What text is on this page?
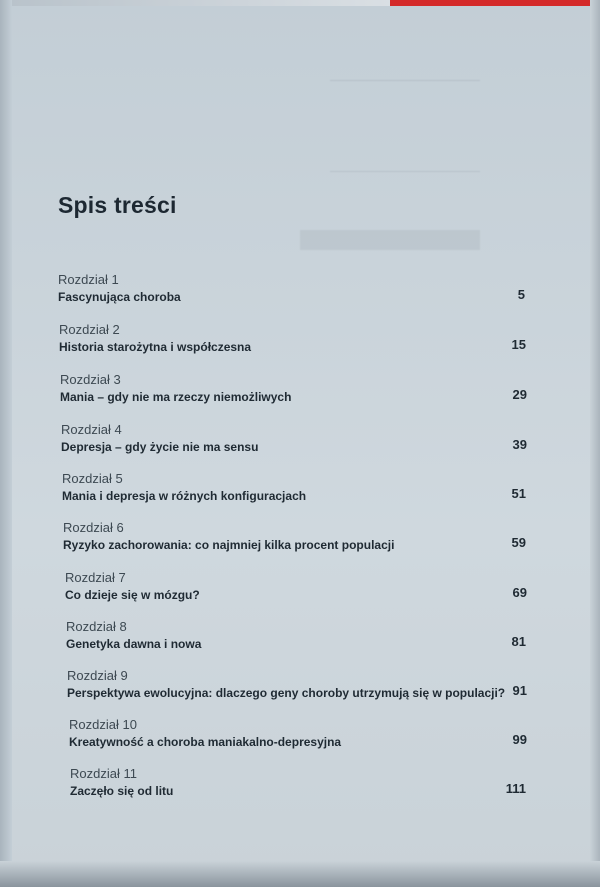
Spis treści
Rozdział 1
Fascynująca choroba	5
Rozdział 2
Historia starożytna i współczesna	15
Rozdział 3
Mania – gdy nie ma rzeczy niemożliwych	29
Rozdział 4
Depresja – gdy życie nie ma sensu	39
Rozdział 5
Mania i depresja w różnych konfiguracjach	51
Rozdział 6
Ryzyko zachorowania: co najmniej kilka procent populacji	59
Rozdział 7
Co dzieje się w mózgu?	69
Rozdział 8
Genetyka dawna i nowa	81
Rozdział 9
Perspektywa ewolucyjna: dlaczego geny choroby utrzymują się w populacji? 91
Rozdział 10
Kreatywność a choroba maniakalno-depresyjna	99
Rozdział 11
Zaczęło się od litu	111
